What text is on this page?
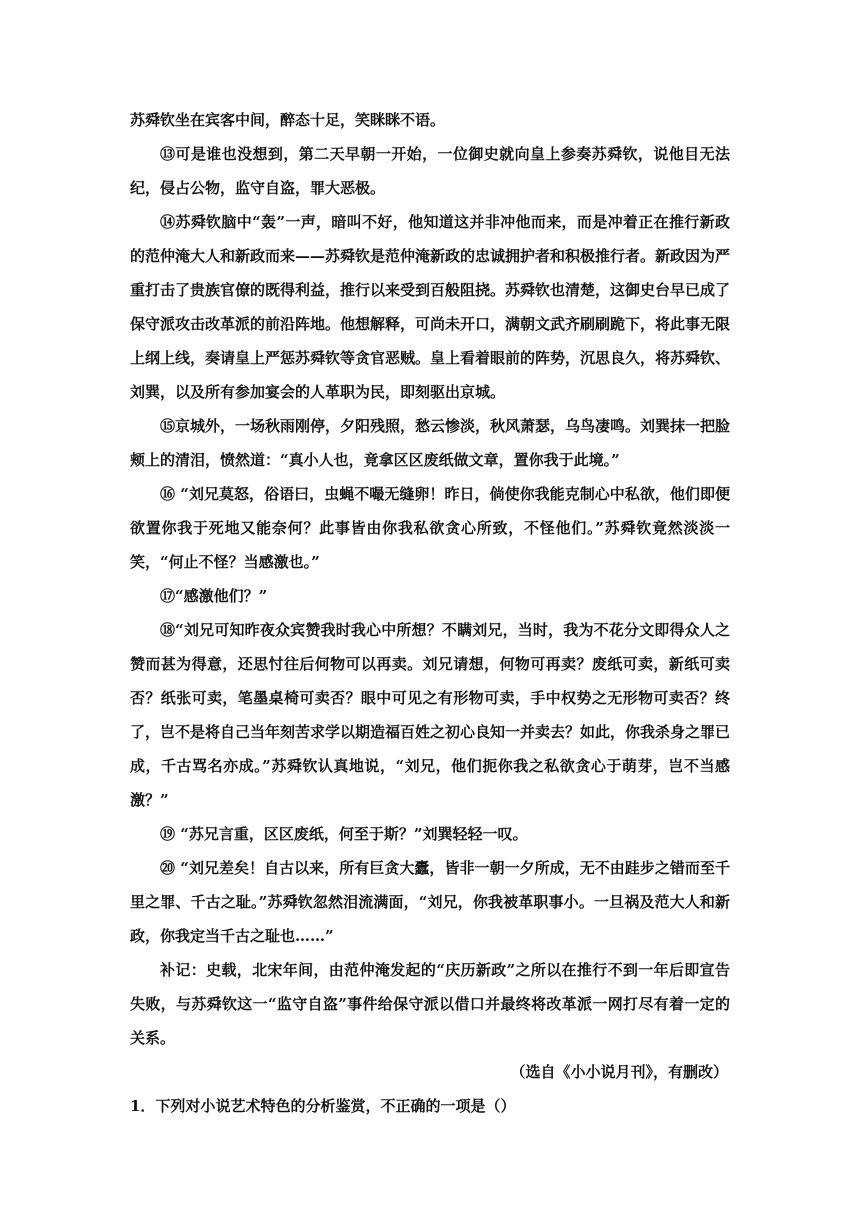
苏舜钦坐在宾客中间，醉态十足，笑眯眯不语。

⑬可是谁也没想到，第二天早朝一开始，一位御史就向皇上参奏苏舜钦，说他目无法纪，侵占公物，监守自盗，罪大恶极。

⑭苏舜钦脑中“轰”一声，暗叫不好，他知道这并非冲他而来，而是冲着正在推行新政的范仲淹大人和新政而来——苏舜钦是范仲淹新政的忠诚拥护者和积极推行者。新政因为严重打击了贵族官僚的既得利益，推行以来受到百般阻挠。苏舜钦也清楚，这御史台早已成了保守派攻击改革派的前沿阵地。他想解释，可尚未开口，满朝文武齐刷刷跪下，将此事无限上纲上线，奏请皇上严惩苏舜钦等贪官恶贼。皇上看着眼前的阵势，沉思良久，将苏舜钦、刘巽，以及所有参加宴会的人革职为民，即刻驱出京城。

⑮京城外，一场秋雨刚停，夕阳残照，愁云惨淡，秋风萧瑟，乌鸟凄鸣。刘巽抹一把脸颊上的清泪，愤然道：“真小人也，竟拿区区废纸做文章，置你我于此境。”

⑯ “刘兄莫怒，俗语曰，虫蝇不嘬无缝卵！昨日，倘使你我能克制心中私欲，他们即便欲置你我于死地又能奈何？此事皆由你我私欲贪心所致，不怪他们。”苏舜钦竟然淡淡一笑，“何止不怪？当感激也。”

⑰“感激他们？”

⑱“刘兄可知昨夜众宾赞我时我心中所想？不瞒刘兄，当时，我为不花分文即得众人之赞而甚为得意，还思忖往后何物可以再卖。刘兄请想，何物可再卖？废纸可卖，新纸可卖否？纸张可卖，笔墨桌椅可卖否？眼中可见之有形物可卖，手中权势之无形物可卖否？终了，岂不是将自己当年刻苦求学以期造福百姓之初心良知一并卖去？如此，你我杀身之罪已成，千古骂名亦成。”苏舜钦认真地说，“刘兄，他们扼你我之私欲贪心于萌芽，岂不当感激？”

⑲ “苏兄言重，区区废纸，何至于斯？”刘巽轻轻一叹。

⑳ “刘兄差矣！自古以来，所有巨贪大蠹，皆非一朝一夕所成，无不由跬步之错而至千里之罪、千古之耻。”苏舜钦忽然泪流满面，“刘兄，你我被革职事小。一旦祸及范大人和新政，你我定当千古之耻也……”

补记：史载，北宋年间，由范仲淹发起的“庆历新政”之所以在推行不到一年后即宣告失败，与苏舜钦这一“监守自盗”事件给保守派以借口并最终将改革派一网打尽有着一定的关系。

（选自《小小说月刊》，有删改）

1．下列对小说艺术特色的分析鉴赏，不正确的一项是（）
